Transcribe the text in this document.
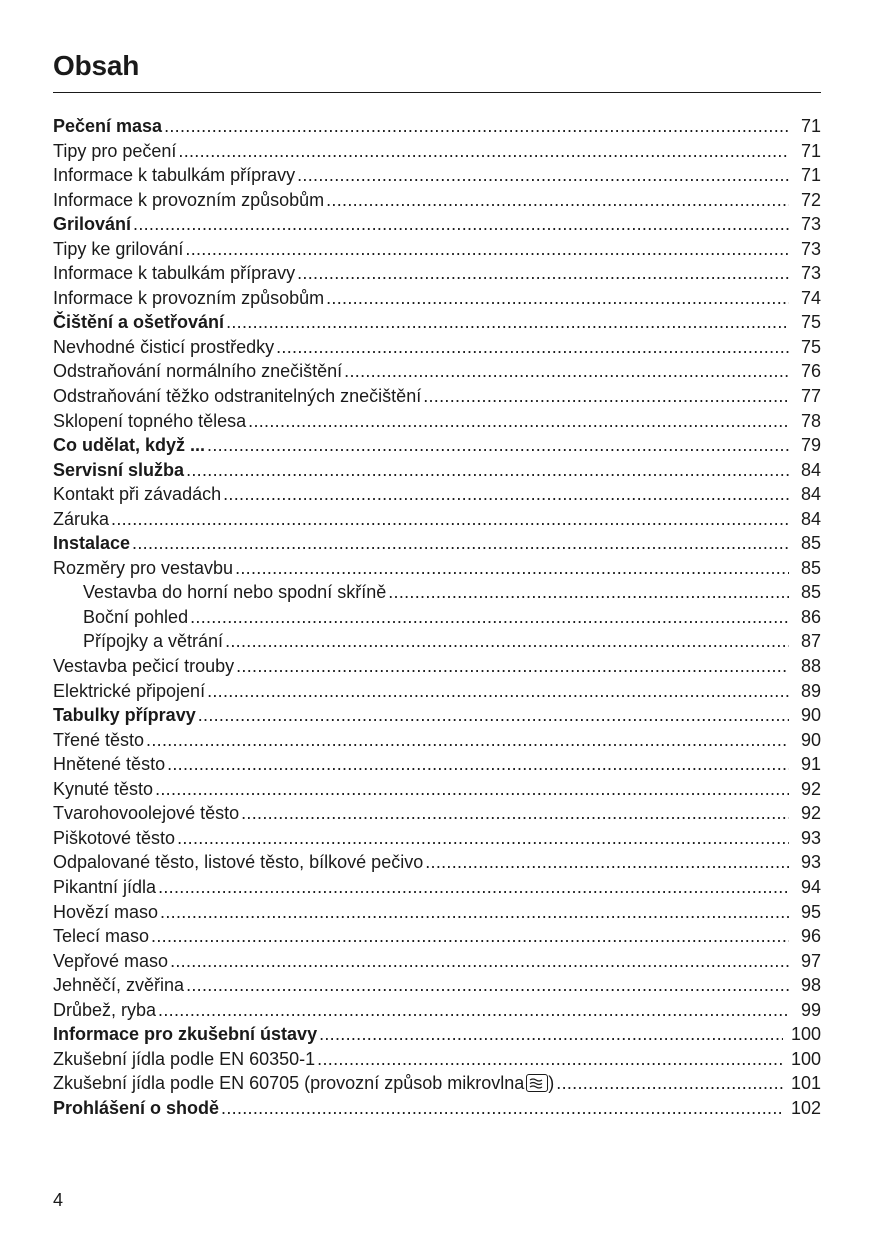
Obsah
Pečení masa .....	71
Tipy pro pečení .....	71
Informace k tabulkám přípravy .....	71
Informace k provozním způsobům .....	72
Grilování .....	73
Tipy ke grilování .....	73
Informace k tabulkám přípravy .....	73
Informace k provozním způsobům .....	74
Čištění a ošetřování .....	75
Nevhodné čisticí prostředky .....	75
Odstraňování normálního znečištění .....	76
Odstraňování těžko odstranitelných znečištění .....	77
Sklopení topného tělesa .....	78
Co udělat, když ... .....	79
Servisní služba .....	84
Kontakt při závadách .....	84
Záruka .....	84
Instalace .....	85
Rozměry pro vestavbu .....	85
Vestavba do horní nebo spodní skříně .....	85
Boční pohled .....	86
Přípojky a větrání .....	87
Vestavba pečicí trouby .....	88
Elektrické připojení .....	89
Tabulky přípravy .....	90
Třené těsto .....	90
Hnětené těsto .....	91
Kynuté těsto .....	92
Tvarohovoolejové těsto .....	92
Piškotové těsto .....	93
Odpalované těsto, listové těsto, bílkové pečivo .....	93
Pikantní jídla .....	94
Hovězí maso .....	95
Telecí maso .....	96
Vepřové maso .....	97
Jehněčí, zvěřina .....	98
Drůbež, ryba .....	99
Informace pro zkušební ústavy .....	100
Zkušební jídla podle EN 60350-1 .....	100
Zkušební jídla podle EN 60705 (provozní způsob mikrovlna ) .....	101
Prohlášení o shodě .....	102
4
